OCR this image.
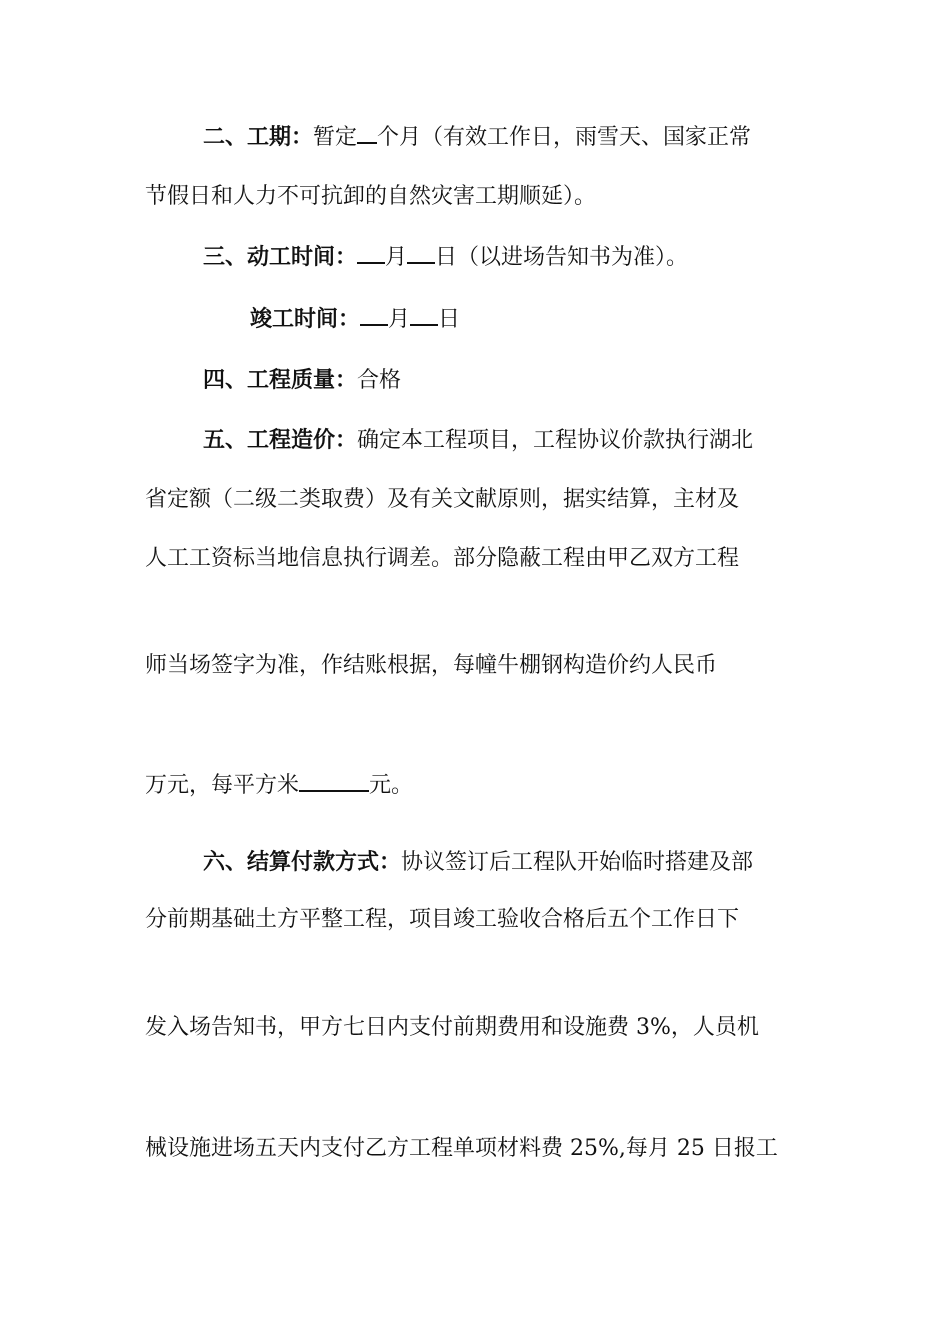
二、工期：暂定 个月（有效工作日，雨雪天、国家正常
节假日和人力不可抗卸的自然灾害工期顺延）。
三、动工时间： 月 日（以进场告知书为准）。
竣工时间： 月 日
四、工程质量：合格
五、工程造价：确定本工程项目，工程协议价款执行湖北
省定额（二级二类取费）及有关文献原则，据实结算，主材及
人工工资标当地信息执行调差。部分隐蔽工程由甲乙双方工程
师当场签字为准，作结账根据，每幢牛棚钢构造价约人民币
万元，每平方米	元。
六、结算付款方式：协议签订后工程队开始临时搭建及部
分前期基础土方平整工程，项目竣工验收合格后五个工作日下
发入场告知书，甲方七日内支付前期费用和设施费 3%，人员机
械设施进场五天内支付乙方工程单项材料费 25%,每月 25 日报工
